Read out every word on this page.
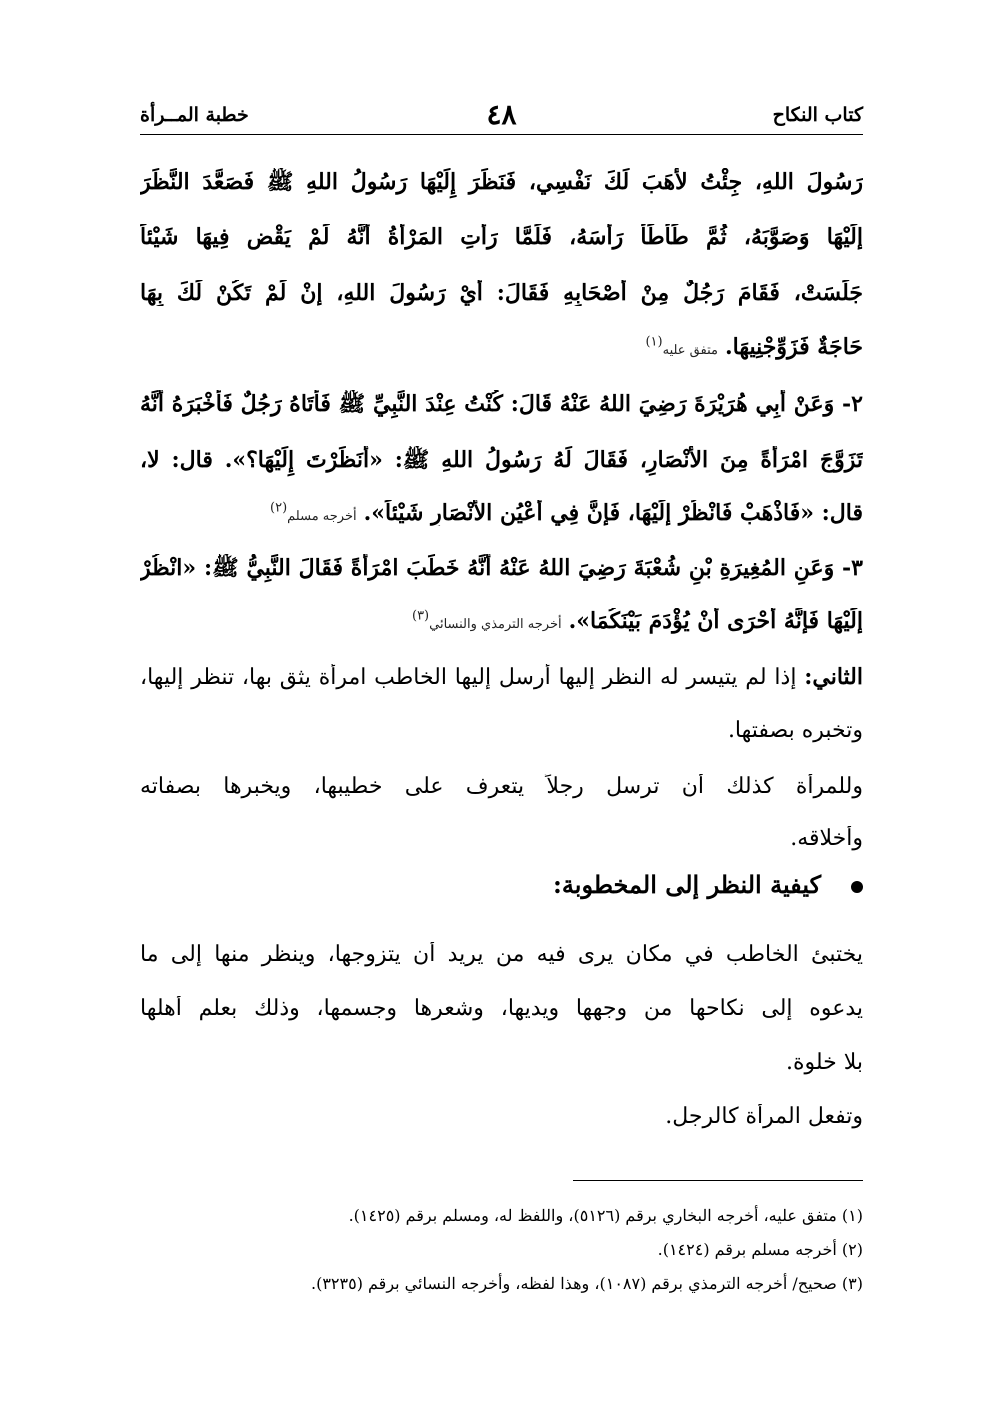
كتاب النكاح
٤٨
خطبة المــرأة
رَسُولَ اللهِ، جِئْتُ لأَهَبَ لَكَ نَفْسِي، فَنَظَرَ إِلَيْهَا رَسُولُ اللهِ ﷺ فَصَعَّدَ النَّظَرَ
إِلَيْهَا وَصَوَّبَهُ، ثُمَّ طَأْطَأَ رَأْسَهُ، فَلَمَّا رَأَتِ المَرْأَةُ أَنَّهُ لَمْ يَقْضِ فِيهَا شَيْئاً
جَلَسَتْ، فَقَامَ رَجُلٌ مِنْ أَصْحَابِهِ فَقَالَ: أَيْ رَسُولَ اللهِ، إِنْ لَمْ تَكُنْ لَكَ بِهَا
حَاجَةٌ فَزَوِّجْنِيهَا. متفق عليه$^{(١)}$
٢- وَعَنْ أَبِي هُرَيْرَةَ رَضِيَ اللهُ عَنْهُ قَالَ: كُنْتُ عِنْدَ النَّبِيِّ ﷺ فَأَتَاهُ رَجُلٌ فَأَخْبَرَهُ أَنَّهُ
تَزَوَّجَ امْرَأَةً مِنَ الأَنْصَارِ، فَقَالَ لَهُ رَسُولُ اللهِ ﷺ: «أَنَظَرْتَ إِلَيْهَا؟». قال: لا،
قال: «فَاذْهَبْ فَانْظُرْ إِلَيْهَا، فَإِنَّ فِي أَعْيُنِ الأَنْصَارِ شَيْئاً». أخرجه مسلم$^{(٢)}$
٣- وَعَنِ المُغِيرَةِ بْنِ شُعْبَةَ رَضِيَ اللهُ عَنْهُ أَنَّهُ خَطَبَ امْرَأَةً فَقَالَ النَّبِيُّ ﷺ: «انْظُرْ
إِلَيْهَا فَإِنَّهُ أَحْرَى أَنْ يُؤْدَمَ بَيْنَكُمَا». أخرجه الترمذي والنسائي$^{(٣)}$
الثاني: إذا لم يتيسر له النظر إليها أرسل إليها الخاطب امرأة يثق بها، تنظر إليها،
وتخبره بصفتها.
وللمرأة كذلك أن ترسل رجلاً يتعرف على خطيبها، ويخبرها بصفاته
وأخلاقه.
كيفية النظر إلى المخطوبة:
يختبئ الخاطب في مكان يرى فيه من يريد أن يتزوجها، وينظر منها إلى ما
يدعوه إلى نكاحها من وجهها ويديها، وشعرها وجسمها، وذلك بعلم أهلها
بلا خلوة.
وتفعل المرأة كالرجل.
(١) متفق عليه، أخرجه البخاري برقم (٥١٢٦)، واللفظ له، ومسلم برقم (١٤٢٥).
(٢) أخرجه مسلم برقم (١٤٢٤).
(٣) صحيح/ أخرجه الترمذي برقم (١٠٨٧)، وهذا لفظه، وأخرجه النسائي برقم (٣٢٣٥).
